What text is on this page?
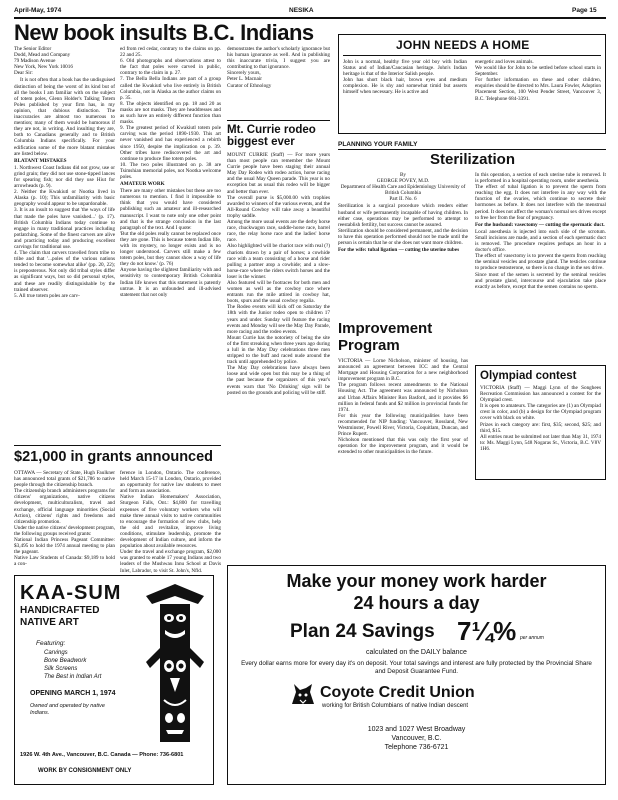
April-May, 1974	NESIKA	Page 15
New book insults B.C. Indians

The Senior Editor
Dodd, Mead and Company
79 Madison Avenue
New York, New York 10016
Dear Sir:

It is not often that a book has the undisguised distinction of being the worst of its kind but of all the books I am familiar with on the subject of totem poles, Glenn Holder's Talking Totem Poles published by your firm has, in my opinion, that dubious distinction. The inaccuracies are almost too numerous to mention; many of them would be humorous if they are not, in writing. And insulting they are, both to Canadians generally and to British Columbia Indians specifically. For your edification some of the more blatant mistakes are listed below.

BLATANT MISTAKES

1. Northwest Coast Indians did not grow, use or grind grain; they did not use stone-tipped lances for spearing fish; nor did they use Hiut for arrowheads (p. 9).
2. Neither the Kwakiutl or Nootka lived in Alaska (p. 10); This unfamiliarity with basic geography would appear to be unpardonable.
3. It is an insult to suggest that 'the ways of life that made the poles have vanished...' (p. 17). British Columbia Indians today continue to engage in many traditional practices including potlatching. Some of the finest carvers are alive and practicing today and producing excellent carvings for traditional use.
4. The claim that carvers travelled from tribe to tribe and that '...poles of the various nations tended to become somewhat alike' (pp. 20, 22); is preposterous. Not only did tribal styles differ as significant ways, but so did personal styles, and these are readily distinguishable by the trained observer.
5. All true totem poles are carv-

ed from red cedar, contrary to the claims on pp. 22 and 25.
6. Old photographs and observations attest to the fact that poles were carved in public, contrary to the claim in p. 27.
7. The Bella Bella Indians are part of a group called the Kwakiutl who live entirely in British Columbia, not in Alaska as the author claims on p. 35.
8. The objects identified on pp. 18 and 20 as masks are not masks. They are headdresses and as such have an entirely different function than masks.
9. The greatest period of Kwakiutl totem pole carving was the period 1890-1930. This art never vanished and has experienced a rebirth since 1950, despite the implication on p. 39. Other tribes have rediscovered the art and continue to produce fine totem poles.
10. The two poles illustrated on p. 38 are Tsimshian memorial poles, not Nootka welcome poles.

AMATEUR WORK

There are many other mistakes but these are too numerous to mention. I find it impossible to think that you would have considered publishing such an amateur and ill-researched manuscript. I want to note only one other point and that is the strange conclusion in the last paragraph of the text. And I quote:
'But the old poles really cannot be replaced once they are gone. This is because totem Indian life, with its mystery, no longer exists and is no longer understood. Carvers still make a few totem poles, but they cannot show a way of life they do not know.' (p. 76)
Anyone having the slightest familiarity with and sensitivity to contemporary British Columbia Indian life knows that this statement is patently untrue. It is an unfounded and ill-advised statement that not only

demonstrates the author's scholarly ignorance but his human ignorance as well. And in publishing this inaccurate trivia, I suggest you are contributing to that ignorance.
Sincerely yours,
Peter L. Macnair
Curator of Ethnology

Mt. Currie rodeo biggest ever

MOUNT CURRIE (Staff) — For more years than most people can remember the Mount Currie people have been staging their annual May Day Rodeo with rodeo action, horse racing and the usual May Queen parade. This year is no exception but as usual this rodeo will be bigger and better than ever.
The overall purse is $5,000.00 with trophies awarded to winners of the various events, and the All-Round Cowboy will take away a beautiful trophy saddle.
Among the more usual events are the derby horse race, chuckwagon race, saddle-horse race, barrel race, the relay horse race and the ladies' horse race.
Also highlighted will be chariot race with real (?) chariots drawn by a pair of horses; a cowhide race with a team consisting of a horse and rider pulling a partner atop a cowhide; and a slow-horse-race where the riders switch horses and the loser is the winner.
Also featured will be footraces for both men and women as well as the cowboy race where entrants run the mile attired in cowboy hat, boots, spurs and the usual cowboy regalia.
The Rodeo events will kick off on Saturday the 18th with the Junior rodeo open to children 17 years and under. Sunday will feature the racing events and Monday will see the May Day Parade, more racing and the rodeo events.
Mount Currie has the notoriety of being the site of the first streaking when three years ago during a lull in the May Day celebrations three men stripped to the buff and raced nude around the track until apprehended by police.
The May Day celebrations have always been loose and wide open but this may be a thing of the past because the organizers of this year's events warn that 'No Drinking' sign will be posted on the grounds and policing will be stiff.

JOHN NEEDS A HOME

John is a normal, healthy five year old boy with Indian Status and of Indian/Caucasian heritage. John's Indian heritage is that of the Interior Salish people.
John has short black hair, brown eyes and medium complexion. He is shy and somewhat timid but asserts himself when necessary. He is active and

energetic and loves animals.
We would like for John to be settled before school starts in September.
For further information on these and other children, enquiries should be directed to Mrs. Laura Fowler, Adoption Placement Section, 100 West Pender Street, Vancouver 3, B.C. Telephone 684-3391.

PLANNING YOUR FAMILY
Sterilization

By
GEORGE POVEY, M.D.
Department of Health Care and Epidemiology University of British Columbia
Part II. No. 6

Sterilization is a surgical procedure which renders either husband or wife permanently incapable of having children. In either case, operations may be performed to attempt to reestablish fertility, but success cannot be assured.
Sterilization should be considered permanent, and the decision to have this operation performed should not be made until the person is certain that he or she does not want more children.

For the wife: tubal ligation — cutting the uterine tubes

In this operation, a section of each uterine tube is removed. It is performed in a hospital operating room, under anesthesia.
The effect of tubal ligation is to prevent the sperm from reaching the egg. It does not interfere in any way with the function of the ovaries, which continue to secrete their hormones as before. It does not interfere with the menstrual period. It does not affect the woman's normal sex drives except to free her from the fear of pregnancy.

For the husband: vasectomy — cutting the spermatic duct.

Local anesthesia is injected into each side of the scrotum. Small incisions are made, and a section of each spermatic duct is removed. The procedure requires perhaps an hour in a doctor's office.
The effect of vasectomy is to prevent the sperm from reaching the seminal vesicles and prostate gland. The testicles continue to produce testosterone, so there is no change in the sex drive.
Since most of the semen is secreted by the seminal vesicles and prostate gland, intercourse and ejaculation take place exactly as before, except that the semen contains no sperm.

Improvement Program

VICTORIA — Lorne Nicholson, minister of housing, has announced an agreement between ICC and the Central Mortgage and Housing Corporation for a new neighborhood improvement program in B.C.
The program follows recent amendments to the National Housing Act. The agreement was announced by Nicholson and Urban Affairs Minister Ron Basford, and it provides $6 million in federal funds and $2 million in provincial funds for 1974.
For this year the following municipalities have been recommended for NIP funding: Vancouver, Rossland, New Westminster, Powell River, Victoria, Coquitlam, Duncan, and Prince Rupert.
Nicholson mentioned that this was only the first year of operation for the improvement program, and it would be extended to other municipalities in the future.

Olympiad contest

VICTORIA (Staff) — Maggi Lynn of the Songhees Recreation Commission has announced a contest for the Olympiad crest.
It is open to amateurs. The categories are (1) an Olympiad crest in color, and (b) a design for the Olympiad program cover with black on white.
Prizes in each category are: first, $35; second, $25; and third, $15.
All entries must be submitted not later than May 31, 1974 to: Ms. Maggi Lynn, 548 Nogaras St., Victoria, B.C. V8V 1H6.

$21,000 in grants announced

OTTAWA — Secretary of State, Hugh Faulkner has announced total grants of $21,786 to native people through the citizenship branch.
The citizenship branch administers programs for citizens' organizations, native citizens development, multiculturalism, travel and exchange, official language minorities (Social Action), citizens' rights and freedoms and citizenship promotion.
Under the native citizens' development program, the following groups received grants:
National Indian Princess Pageant Committee: $3,495 to hold the 1974 annual meeting to plan the pageant.
Native Law Students of Canada: $9,189 to hold a con-

ference in London, Ontario. The conference, held March 15-17 in London, Ontario, provided an opportunity for native law students to meet and form an association.
Native Indian Homemakers' Association, Sturgeon Falls, Ont.: $4,800 for travelling expenses of five voluntary workers who will make three annual visits to native communities to encourage the formation of new clubs, help the old and revitalize, improve living conditions, stimulate leadership, promote the development of Indian culture, and inform the population about available resources.
Under the travel and exchange program, $2,000 was granted to enable 17 young Indians and two leaders of the Mushwau Innu School at Davis Inlet, Labrador, to visit St. John's, Nfld.

KAA-SUM
HANDICRAFTED
NATIVE ART
Featuring:
Carvings
Bone Beadwork
Silk Screens
The Best in Indian Art
OPENING MARCH 1, 1974
Owned and operated by native Indians.
1926 W. 4th Ave., Vancouver, B.C. Canada — Phone: 736-6801
WORK BY CONSIGNMENT ONLY
Make your money work harder
24 hours a day
Plan 24 Savings 7¼% per annum
calculated on the DAILY balance
Every dollar earns more for every day it's on deposit. Your total savings and interest are fully protected by the Provincial Share and Deposit Guarantee Fund.
Coyote Credit Union
working for British Columbians of native Indian descent
1023 and 1027 West Broadway
Vancouver, B.C.
Telephone 736-6721
